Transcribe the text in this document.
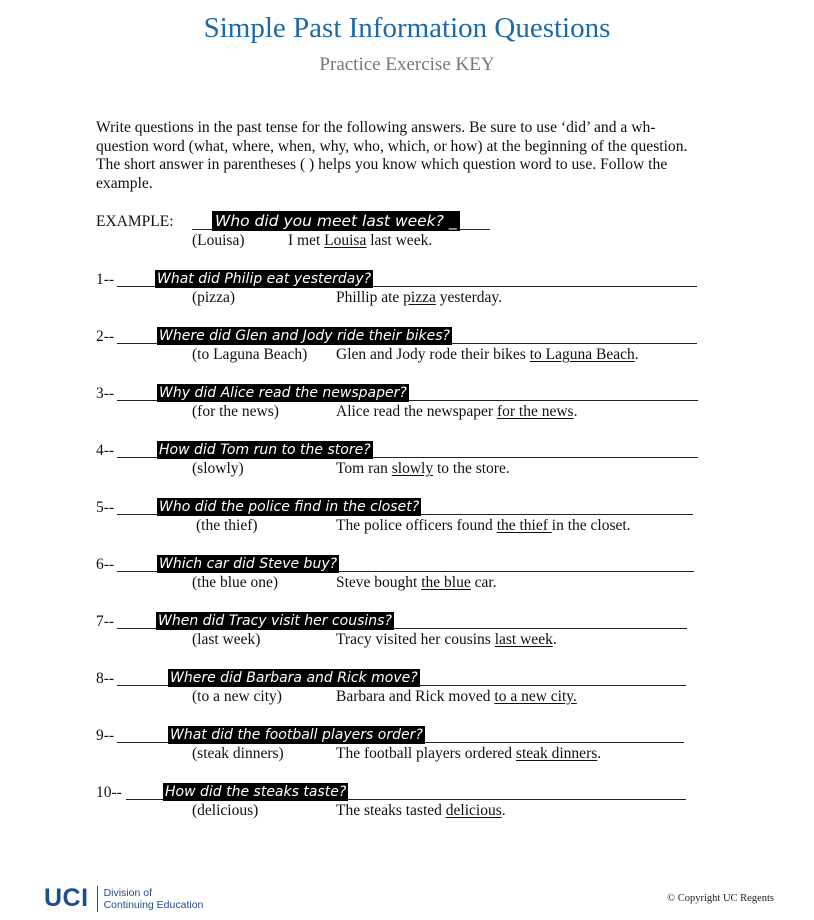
Simple Past Information Questions
Practice Exercise KEY
Write questions in the past tense for the following answers. Be sure to use ‘did’ and a wh- question word (what, where, when, why, who, which, or how) at the beginning of the question. The short answer in parentheses ( ) helps you know which question word to use. Follow the example.
EXAMPLE:	Who did you meet last week? _
(Louisa)	I met Louisa last week.
1--	What did Philip eat yesterday?
(pizza)	Phillip ate pizza yesterday.
2--	Where did Glen and Jody ride their bikes?
(to Laguna Beach) Glen and Jody rode their bikes to Laguna Beach.
3--	Why did Alice read the newspaper?
(for the news)	Alice read the newspaper for the news.
4--	How did Tom run to the store?
(slowly)	Tom ran slowly to the store.
5--	Who did the police find in the closet?
(the thief)	The police officers found the thief in the closet.
6--	Which car did Steve buy?
(the blue one)	Steve bought the blue car.
7--	When did Tracy visit her cousins?
(last week)	Tracy visited her cousins last week.
8--	Where did Barbara and Rick move?
(to a new city)	Barbara and Rick moved to a new city.
9--	What did the football players order?
(steak dinners)	The football players ordered steak dinners.
10--	How did the steaks taste?
(delicious)	The steaks tasted delicious.
UCI Division of
Continuing Education	© Copyright UC Regents
